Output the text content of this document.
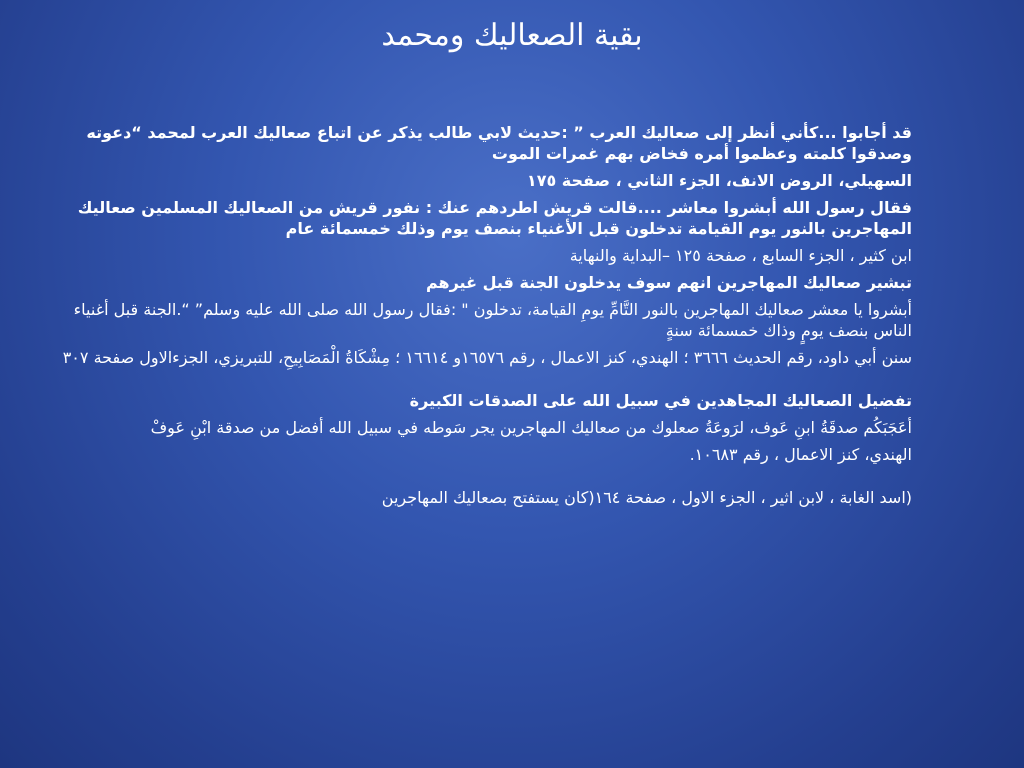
بقية الصعاليك ومحمد

قد أجابوا ...كأني أنظر إلى صعاليك العرب ” :حديث لابي طالب يذكر عن اتباع صعاليك العرب لمحمد “دعوته وصدقوا كلمته وعظموا أمره فخاض بهم غمرات الموت

السهيلي، الروض الانف، الجزء الثاني ، صفحة ١٧٥

فقال رسول الله أبشروا معاشر ....قالت قريش اطردهم عنك : نفور قريش من الصعاليك المسلمين صعاليك المهاجرين بالنور يوم القيامة تدخلون قبل الأغنياء بنصف يوم وذلك خمسمائة عام

ابن كثير ، الجزء السابع ، صفحة ١٢٥ –البداية والنهاية

تبشير صعاليك المهاجرين انهم سوف يدخلون الجنة قبل غيرهم

أبشروا يا معشر صعاليك المهاجرين بالنور التَّامِّ يومِ القيامة، تدخلون " :فقال رسول الله صلى الله عليه وسلم” “.الجنة قبل أغنياء الناس بنصف يومٍ وذاك خمسمائة سنةٍ

سنن أبي داود، رقم الحديث ٣٦٦٦ ؛ الهندي، كنز الاعمال ، رقم ١٦٥٧٦و ١٦٦١٤ ؛ مِشْكَاةُ الْمَصَابِيحِ، للتبريزي، الجزءالاول صفحة ٣٠٧

تفضيل الصعاليك المجاهدين في سبيل الله على الصدقات الكبيرة

أعَجَبَكُم صدقَةُ ابنِ عَوف، لرَوعَةُ صعلوك من صعاليك المهاجرين يجر سَوطه في سبيل الله أفضل من صدقة ابْنِ عَوفْ

الهندي، كنز الاعمال ، رقم ١٠٦٨٣.

(اسد الغابة ، لابن اثير ، الجزء الاول ، صفحة ١٦٤(كان يستفتح بصعاليك المهاجرين
